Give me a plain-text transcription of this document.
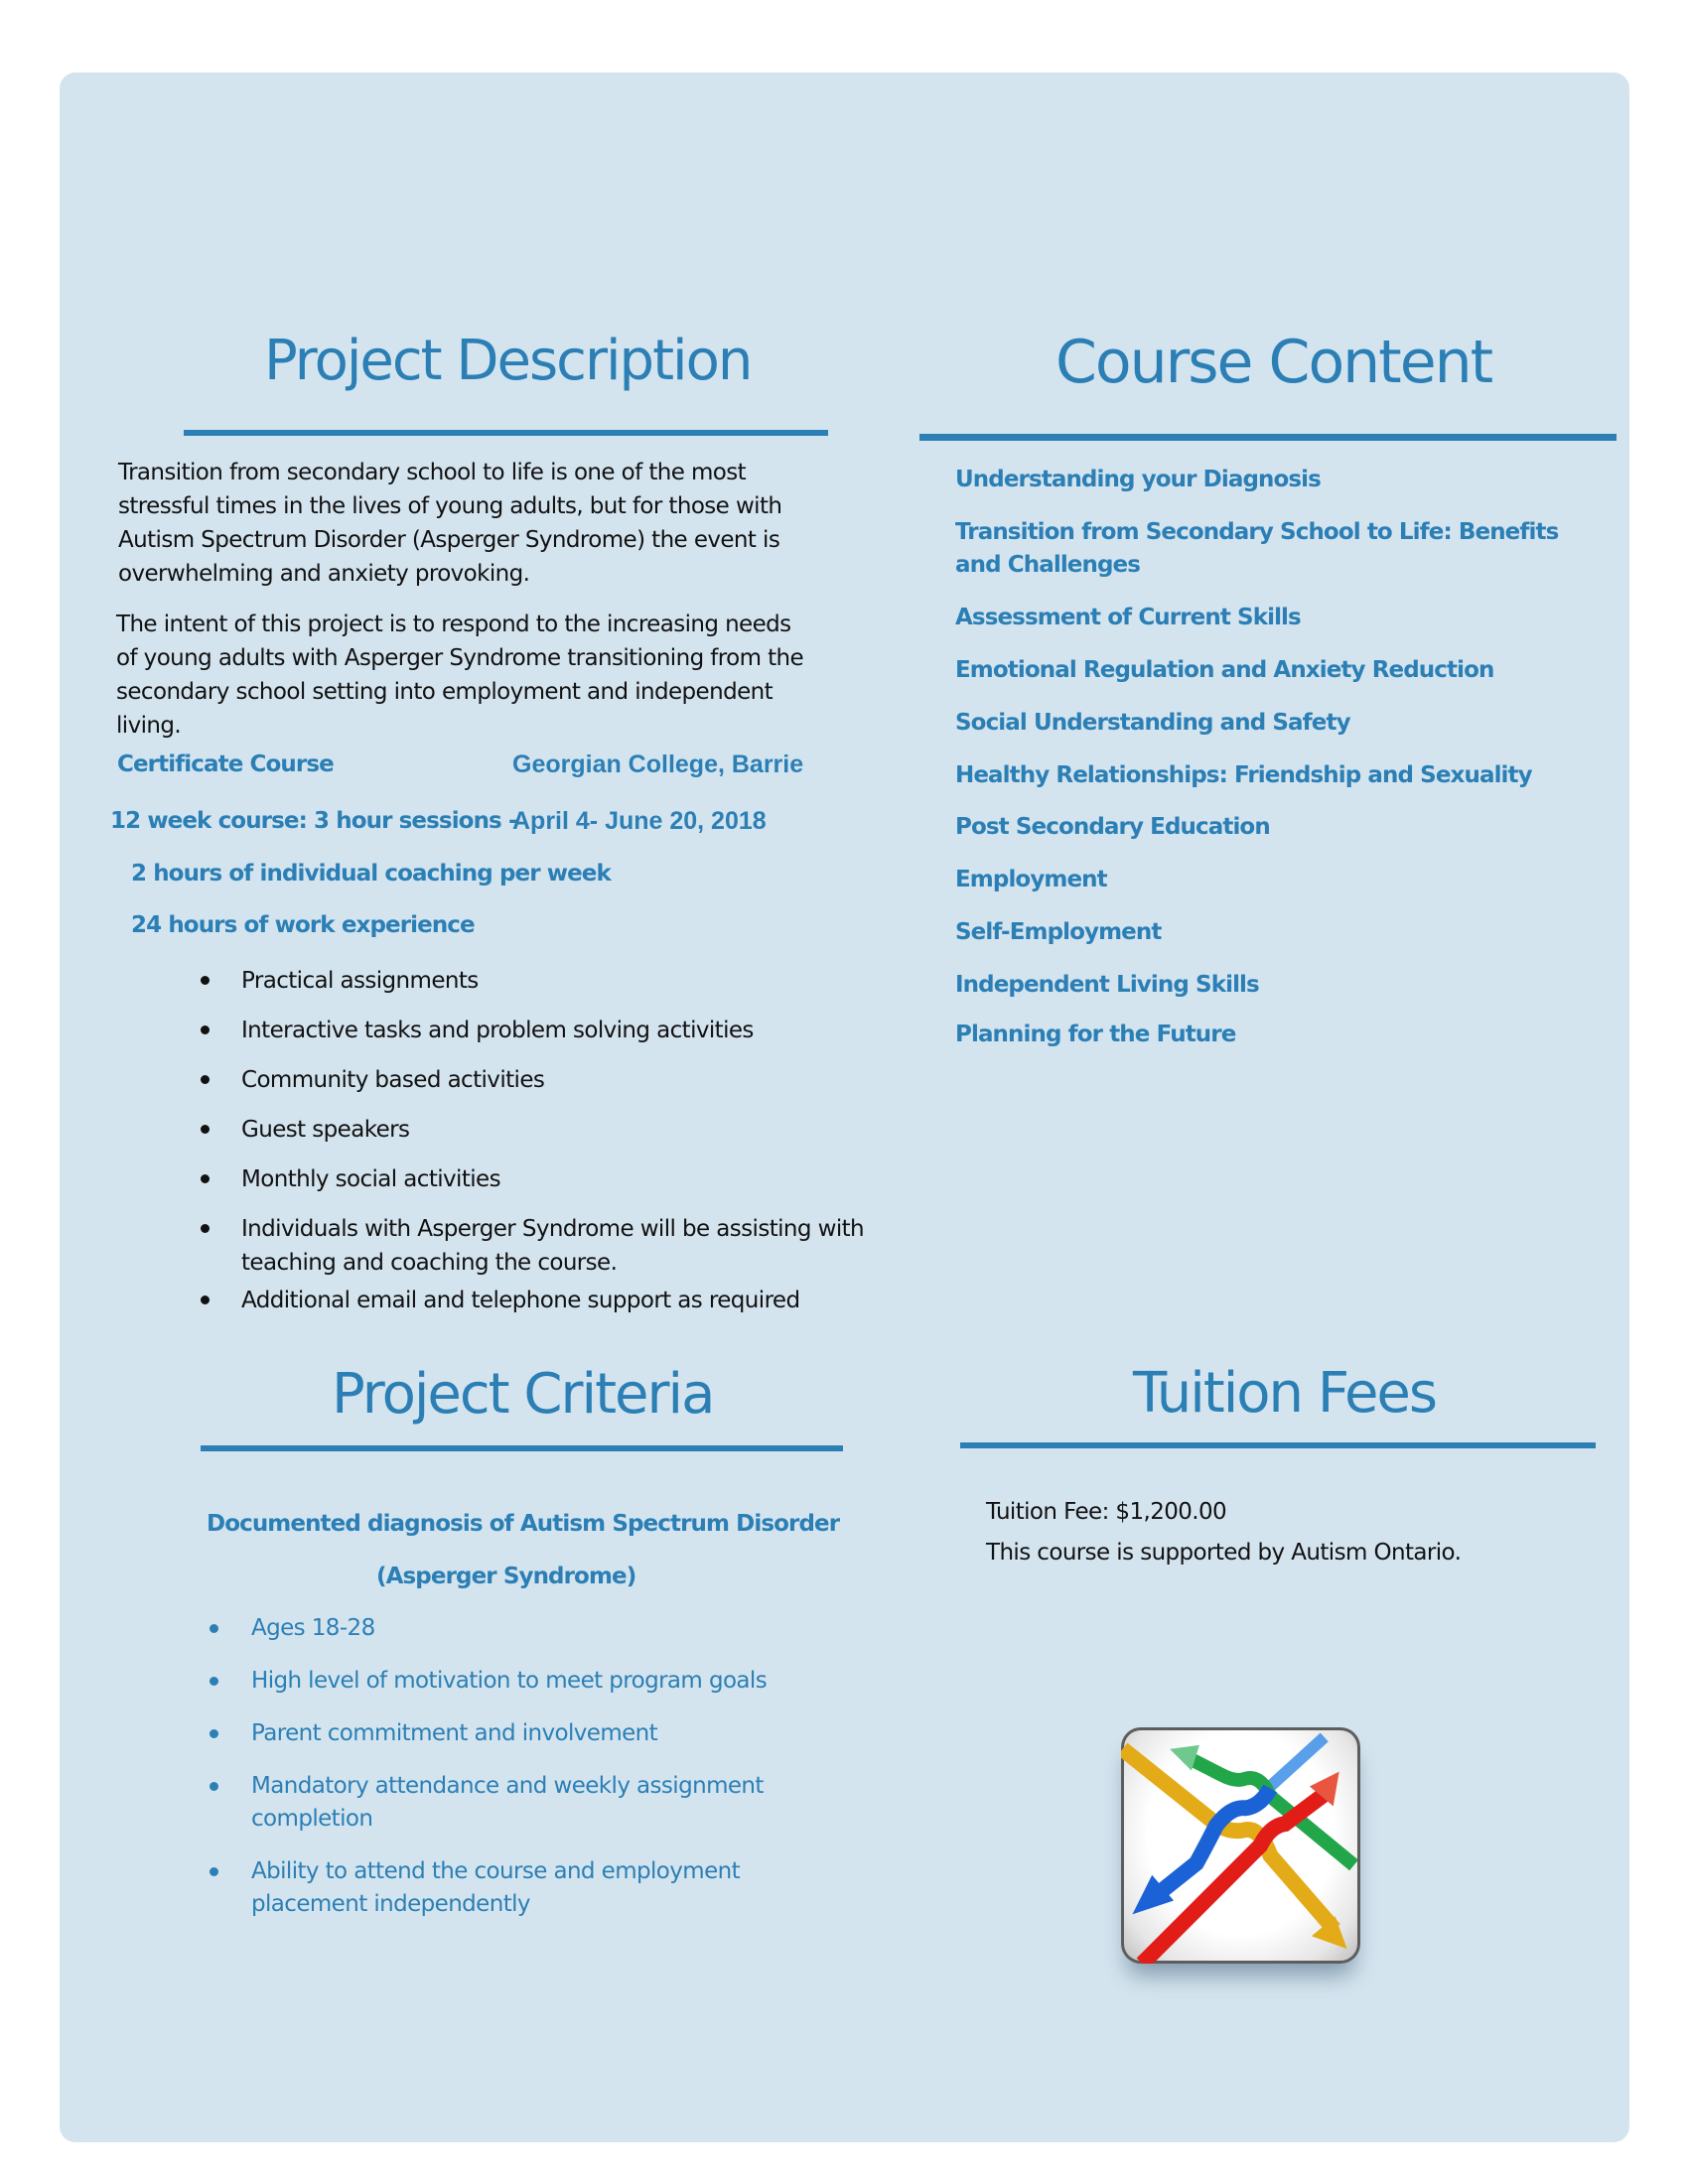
Project Description
Transition from secondary school to life is one of the most
stressful times in the lives of young adults, but for those with
Autism Spectrum Disorder (Asperger Syndrome) the event is
overwhelming and anxiety provoking.
The intent of this project is to respond to the increasing needs
of young adults with Asperger Syndrome transitioning from the
secondary school setting into employment and independent
living.
Certificate Course	Georgian College, Barrie
12 week course: 3 hour sessions -
April 4- June 20, 2018
2 hours of individual coaching per week
24 hours of work experience
Practical assignments
Interactive tasks and problem solving activities
Community based activities
Guest speakers
Monthly social activities
Individuals with Asperger Syndrome will be assisting with
teaching and coaching the course.
Additional email and telephone support as required
Course Content
Understanding your Diagnosis
Transition from Secondary School to Life: Benefits
and Challenges
Assessment of Current Skills
Emotional Regulation and Anxiety Reduction
Social Understanding and Safety
Healthy Relationships: Friendship and Sexuality
Post Secondary Education
Employment
Self-Employment
Independent Living Skills
Planning for the Future
Project Criteria
Documented diagnosis of Autism Spectrum Disorder
(Asperger Syndrome)
Ages 18-28
High level of motivation to meet program goals
Parent commitment and involvement
Mandatory attendance and weekly assignment
completion
Ability to attend the course and employment
placement independently
Tuition Fees
Tuition Fee: $1,200.00
This course is supported by Autism Ontario.
